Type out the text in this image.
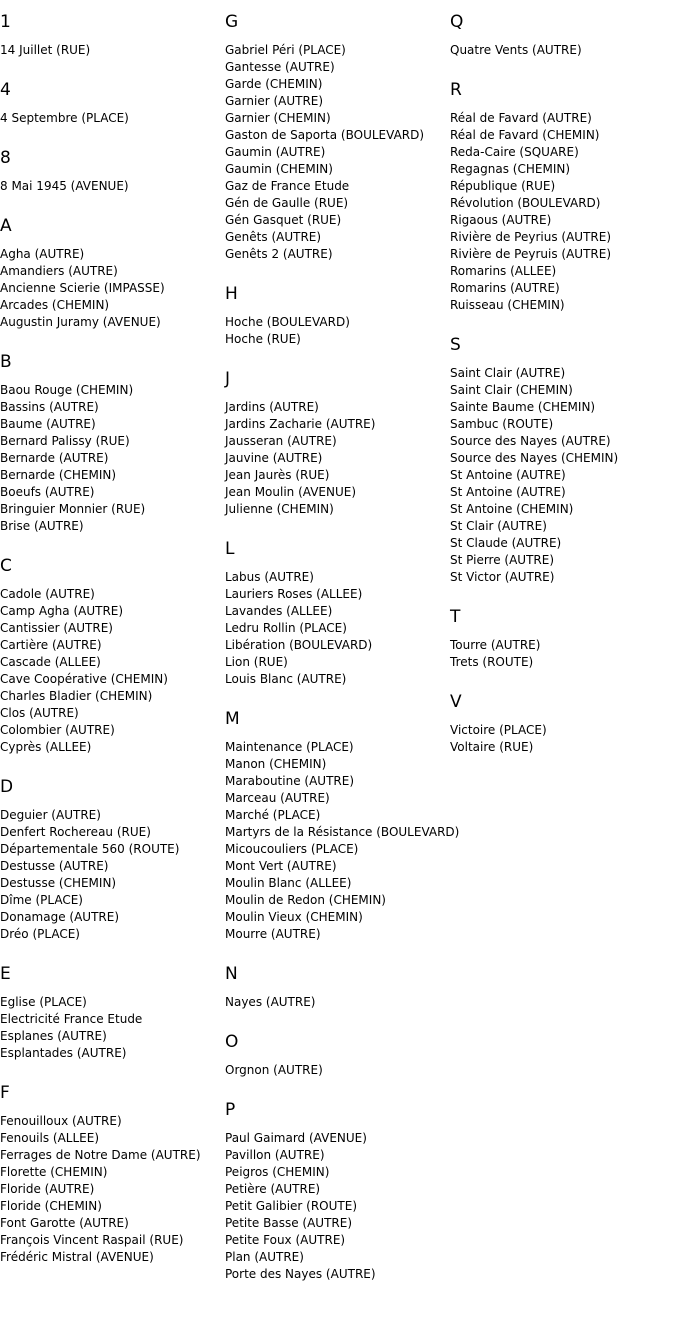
1
14 Juillet (RUE)
4
4 Septembre (PLACE)
8
8 Mai 1945 (AVENUE)
A
Agha (AUTRE)
Amandiers (AUTRE)
Ancienne Scierie (IMPASSE)
Arcades (CHEMIN)
Augustin Juramy (AVENUE)
B
Baou Rouge (CHEMIN)
Bassins (AUTRE)
Baume (AUTRE)
Bernard Palissy (RUE)
Bernarde (AUTRE)
Bernarde (CHEMIN)
Boeufs (AUTRE)
Bringuier Monnier (RUE)
Brise (AUTRE)
C
Cadole (AUTRE)
Camp Agha (AUTRE)
Cantissier (AUTRE)
Cartière (AUTRE)
Cascade (ALLEE)
Cave Coopérative (CHEMIN)
Charles Bladier (CHEMIN)
Clos (AUTRE)
Colombier (AUTRE)
Cyprès (ALLEE)
D
Deguier (AUTRE)
Denfert Rochereau (RUE)
Départementale 560 (ROUTE)
Destusse (AUTRE)
Destusse (CHEMIN)
Dîme (PLACE)
Donamage (AUTRE)
Dréo (PLACE)
E
Eglise (PLACE)
Electricité France Etude
Esplanes (AUTRE)
Esplantades (AUTRE)
F
Fenouilloux (AUTRE)
Fenouils (ALLEE)
Ferrages de Notre Dame (AUTRE)
Florette (CHEMIN)
Floride (AUTRE)
Floride (CHEMIN)
Font Garotte (AUTRE)
François Vincent Raspail (RUE)
Frédéric Mistral (AVENUE)
G
Gabriel Péri (PLACE)
Gantesse (AUTRE)
Garde (CHEMIN)
Garnier (AUTRE)
Garnier (CHEMIN)
Gaston de Saporta (BOULEVARD)
Gaumin (AUTRE)
Gaumin (CHEMIN)
Gaz de France Etude
Gén de Gaulle (RUE)
Gén Gasquet (RUE)
Genêts (AUTRE)
Genêts 2 (AUTRE)
H
Hoche (BOULEVARD)
Hoche (RUE)
J
Jardins (AUTRE)
Jardins Zacharie (AUTRE)
Jausseran (AUTRE)
Jauvine (AUTRE)
Jean Jaurès (RUE)
Jean Moulin (AVENUE)
Julienne (CHEMIN)
L
Labus (AUTRE)
Lauriers Roses (ALLEE)
Lavandes (ALLEE)
Ledru Rollin (PLACE)
Libération (BOULEVARD)
Lion (RUE)
Louis Blanc (AUTRE)
M
Maintenance (PLACE)
Manon (CHEMIN)
Maraboutine (AUTRE)
Marceau (AUTRE)
Marché (PLACE)
Martyrs de la Résistance (BOULEVARD)
Micoucouliers (PLACE)
Mont Vert (AUTRE)
Moulin Blanc (ALLEE)
Moulin de Redon (CHEMIN)
Moulin Vieux (CHEMIN)
Mourre (AUTRE)
N
Nayes (AUTRE)
O
Orgnon (AUTRE)
P
Paul Gaimard (AVENUE)
Pavillon (AUTRE)
Peigros (CHEMIN)
Petière (AUTRE)
Petit Galibier (ROUTE)
Petite Basse (AUTRE)
Petite Foux (AUTRE)
Plan (AUTRE)
Porte des Nayes (AUTRE)
Q
Quatre Vents (AUTRE)
R
Réal de Favard (AUTRE)
Réal de Favard (CHEMIN)
Reda-Caire (SQUARE)
Regagnas (CHEMIN)
République (RUE)
Révolution (BOULEVARD)
Rigaous (AUTRE)
Rivière de Peyrius (AUTRE)
Rivière de Peyruis (AUTRE)
Romarins (ALLEE)
Romarins (AUTRE)
Ruisseau (CHEMIN)
S
Saint Clair (AUTRE)
Saint Clair (CHEMIN)
Sainte Baume (CHEMIN)
Sambuc (ROUTE)
Source des Nayes (AUTRE)
Source des Nayes (CHEMIN)
St Antoine (AUTRE)
St Antoine (AUTRE)
St Antoine (CHEMIN)
St Clair (AUTRE)
St Claude (AUTRE)
St Pierre (AUTRE)
St Victor (AUTRE)
T
Tourre (AUTRE)
Trets (ROUTE)
V
Victoire (PLACE)
Voltaire (RUE)
